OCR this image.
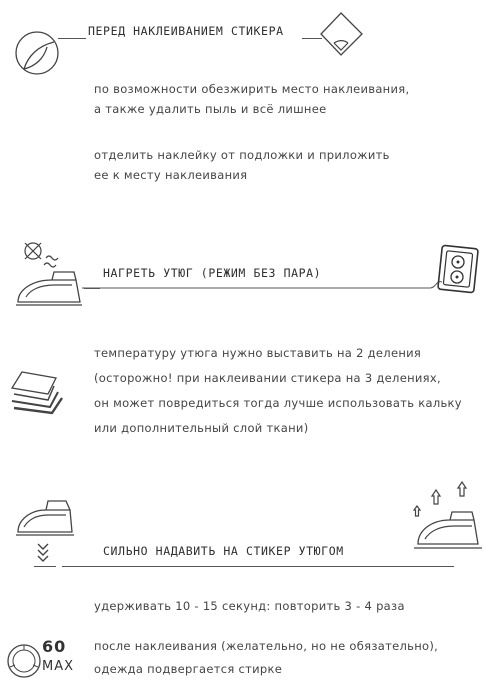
ПЕРЕД НАКЛЕИВАНИЕМ СТИКЕРА
по возможности обезжирить место наклеивания,
а также удалить пыль и всё лишнее
отделить наклейку от подложки и приложить
ее к месту наклеивания
НАГРЕТЬ УТЮГ (РЕЖИМ БЕЗ ПАРА)
температуру утюга нужно выставить на 2 деления
(осторожно! при наклеивании стикера на 3 делениях,
он может повредиться тогда лучше использовать кальку
или дополнительный слой ткани)
СИЛЬНО НАДАВИТЬ НА СТИКЕР УТЮГОМ
удерживать 10 - 15 секунд: повторить 3 - 4 раза
после наклеивания (желательно, но не обязательно),
одежда подвергается стирке
60
MAX
